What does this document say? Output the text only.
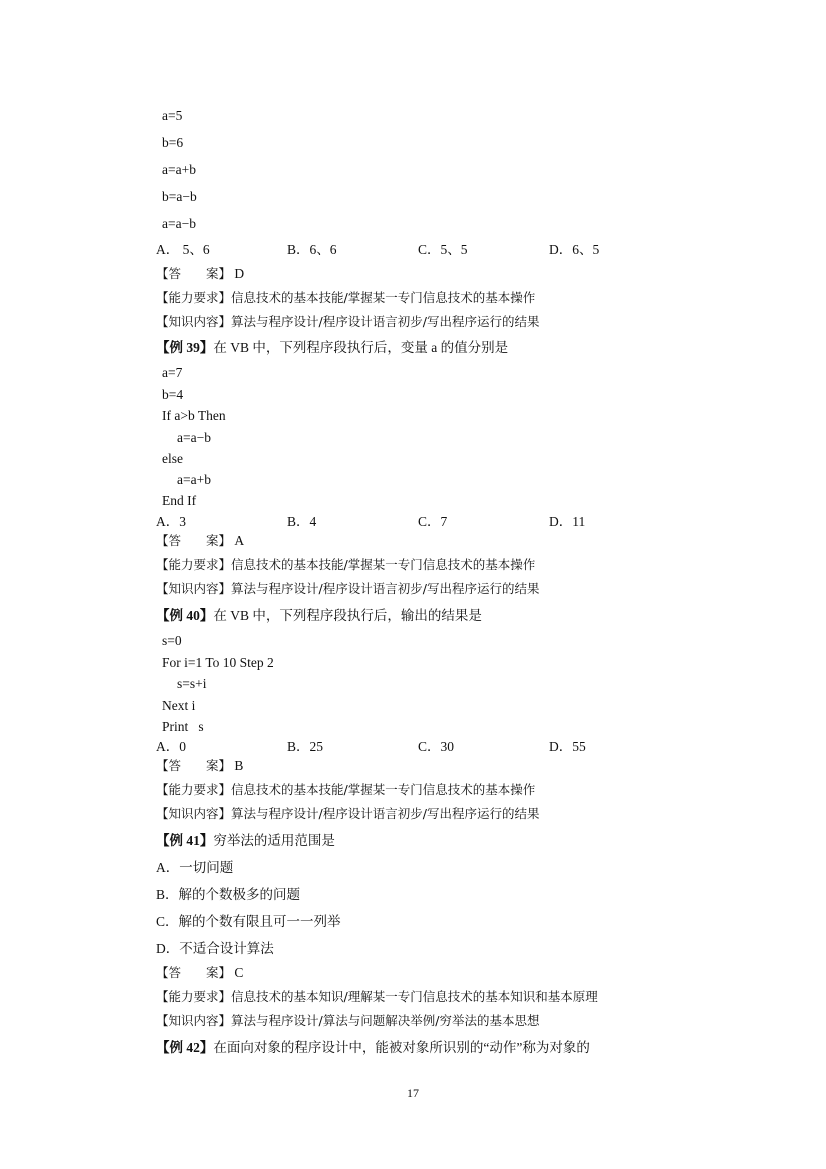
a=5
b=6
a=a+b
b=a−b
a=a−b
A． 5、6	B．6、6	C．5、5	D．6、5
【答　　案】 D
【能力要求】信息技术的基本技能/掌握某一专门信息技术的基本操作
【知识内容】算法与程序设计/程序设计语言初步/写出程序运行的结果
【例 39】在 VB 中，下列程序段执行后，变量 a 的值分别是
a=7
b=4
If a>b Then
a=a−b
else
a=a+b
End If
A．3	B．4	C．7	D．11
【答　　案】 A
【能力要求】信息技术的基本技能/掌握某一专门信息技术的基本操作
【知识内容】算法与程序设计/程序设计语言初步/写出程序运行的结果
【例 40】在 VB 中，下列程序段执行后，输出的结果是
s=0
For i=1 To 10 Step 2
s=s+i
Next i
Print   s
A．0	B．25	C．30	D．55
【答　　案】 B
【能力要求】信息技术的基本技能/掌握某一专门信息技术的基本操作
【知识内容】算法与程序设计/程序设计语言初步/写出程序运行的结果
【例 41】穷举法的适用范围是
A．一切问题
B．解的个数极多的问题
C．解的个数有限且可一一列举
D．不适合设计算法
【答　　案】 C
【能力要求】信息技术的基本知识/理解某一专门信息技术的基本知识和基本原理
【知识内容】算法与程序设计/算法与问题解决举例/穷举法的基本思想
【例 42】在面向对象的程序设计中，能被对象所识别的“动作”称为对象的
17
